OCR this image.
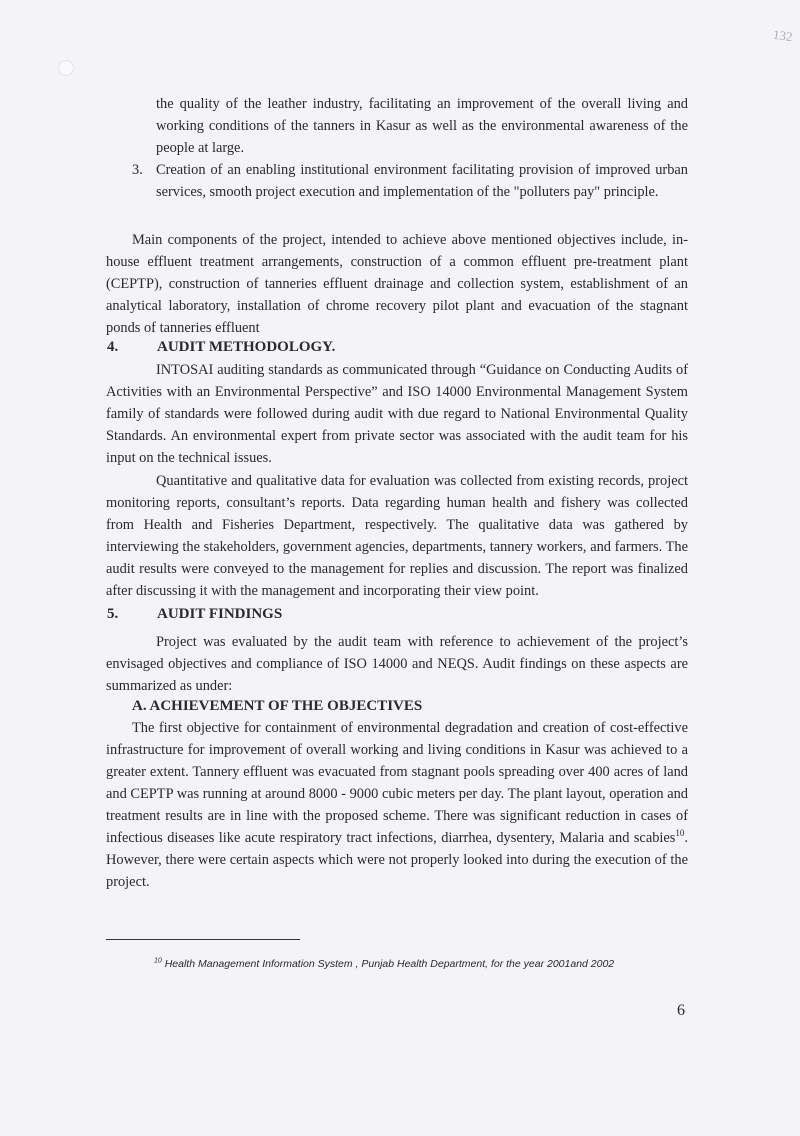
132
the quality of the leather industry, facilitating an improvement of the overall living and working conditions of the tanners in Kasur as well as the environmental awareness of the people at large.
3. Creation of an enabling institutional environment facilitating provision of improved urban services, smooth project execution and implementation of the "polluters pay" principle.
Main components of the project, intended to achieve above mentioned objectives include, in-house effluent treatment arrangements, construction of a common effluent pre-treatment plant (CEPTP), construction of tanneries effluent drainage and collection system, establishment of an analytical laboratory, installation of chrome recovery pilot plant and evacuation of the stagnant ponds of tanneries effluent
4.	AUDIT METHODOLOGY.
INTOSAI auditing standards as communicated through “Guidance on Conducting Audits of Activities with an Environmental Perspective” and ISO 14000 Environmental Management System family of standards were followed during audit with due regard to National Environmental Quality Standards. An environmental expert from private sector was associated with the audit team for his input on the technical issues.
Quantitative and qualitative data for evaluation was collected from existing records, project monitoring reports, consultant’s reports. Data regarding human health and fishery was collected from Health and Fisheries Department, respectively. The qualitative data was gathered by interviewing the stakeholders, government agencies, departments, tannery workers, and farmers. The audit results were conveyed to the management for replies and discussion. The report was finalized after discussing it with the management and incorporating their view point.
5.	AUDIT FINDINGS
Project was evaluated by the audit team with reference to achievement of the project’s envisaged objectives and compliance of ISO 14000 and NEQS. Audit findings on these aspects are summarized as under:
A. ACHIEVEMENT OF THE OBJECTIVES
The first objective for containment of environmental degradation and creation of cost-effective infrastructure for improvement of overall working and living conditions in Kasur was achieved to a greater extent. Tannery effluent was evacuated from stagnant pools spreading over 400 acres of land and CEPTP was running at around 8000 - 9000 cubic meters per day. The plant layout, operation and treatment results are in line with the proposed scheme. There was significant reduction in cases of infectious diseases like acute respiratory tract infections, diarrhea, dysentery, Malaria and scabies$^{10}$. However, there were certain aspects which were not properly looked into during the execution of the project.
$^{10}$ Health Management Information System , Punjab Health Department, for the year 2001and 2002
6
